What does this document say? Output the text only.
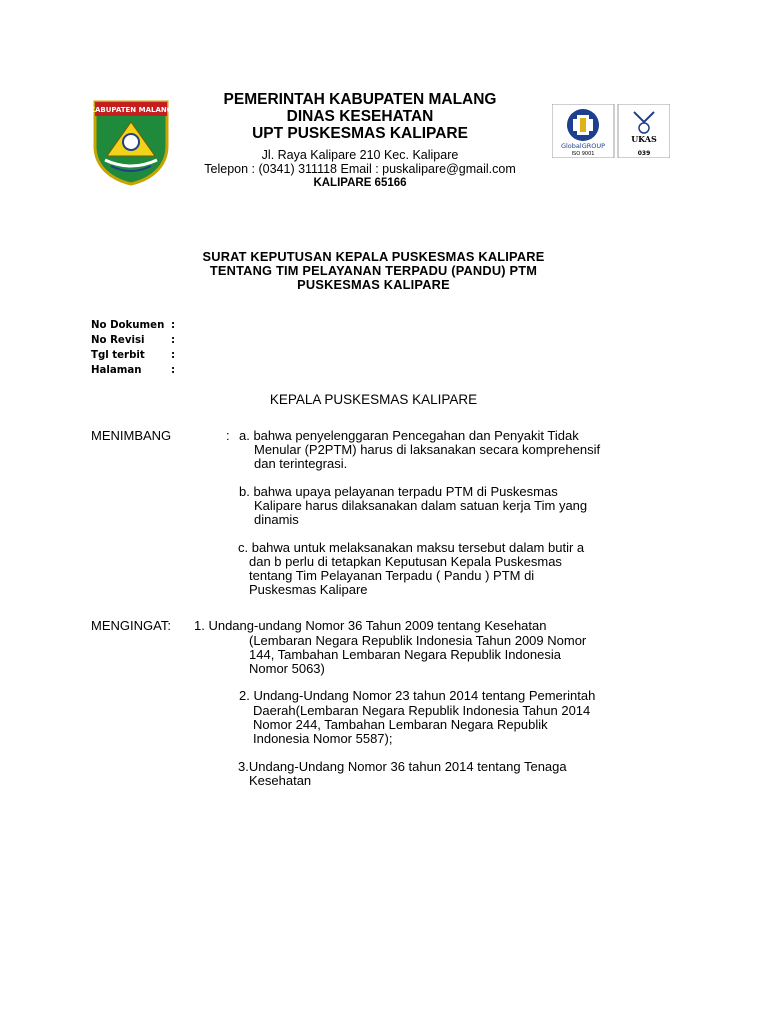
KABUPATEN MALANG
PEMERINTAH KABUPATEN MALANG
DINAS KESEHATAN
UPT PUSKESMAS KALIPARE
Jl. Raya Kalipare 210 Kec. Kalipare
Telepon : (0341) 311118 Email : puskalipare@gmail.com
KALIPARE 65166
GlobalGROUP
ISO 9001
UKAS
039
SURAT KEPUTUSAN KEPALA PUSKESMAS KALIPARE
TENTANG TIM PELAYANAN TERPADU (PANDU) PTM
PUSKESMAS KALIPARE
No Dokumen :
No Revisi	:
Tgl terbit	:
Halaman	:
KEPALA PUSKESMAS KALIPARE
MENIMBANG	: a. bahwa penyelenggaran Pencegahan dan Penyakit Tidak
Menular (P2PTM) harus di laksanakan secara komprehensif
dan terintegrasi.
b. bahwa upaya pelayanan terpadu PTM di Puskesmas
Kalipare harus dilaksanakan dalam satuan kerja Tim yang
dinamis
c. bahwa untuk melaksanakan maksu tersebut dalam butir a
dan b perlu di tetapkan Keputusan Kepala Puskesmas
tentang Tim Pelayanan Terpadu ( Pandu ) PTM di
Puskesmas Kalipare
MENGINGAT: 1. Undang-undang Nomor 36 Tahun 2009 tentang Kesehatan
(Lembaran Negara Republik Indonesia Tahun 2009 Nomor
144, Tambahan Lembaran Negara Republik Indonesia
Nomor 5063)
2. Undang-Undang Nomor 23 tahun 2014 tentang Pemerintah
Daerah(Lembaran Negara Republik Indonesia Tahun 2014
Nomor 244, Tambahan Lembaran Negara Republik
Indonesia Nomor 5587);
3.Undang-Undang Nomor 36 tahun 2014 tentang Tenaga
Kesehatan
